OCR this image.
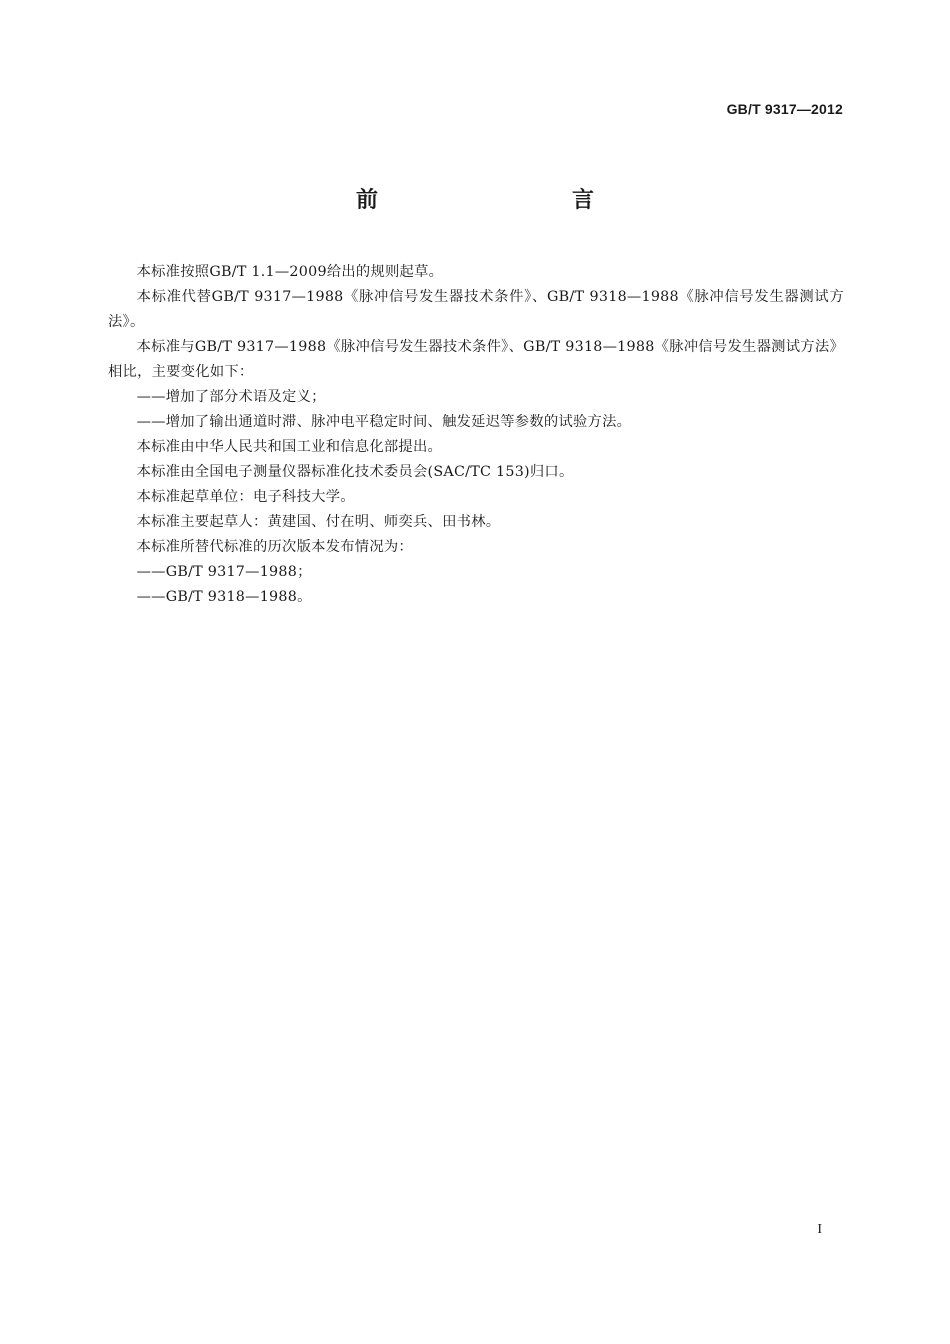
GB/T 9317—2012
前　　言

本标准按照GB/T 1.1—2009给出的规则起草。

本标准代替GB/T 9317—1988《脉冲信号发生器技术条件》、GB/T 9318—1988《脉冲信号发生器测试方法》。

本标准与GB/T 9317—1988《脉冲信号发生器技术条件》、GB/T 9318—1988《脉冲信号发生器测试方法》相比，主要变化如下：

——增加了部分术语及定义；

——增加了输出通道时滞、脉冲电平稳定时间、触发延迟等参数的试验方法。

本标准由中华人民共和国工业和信息化部提出。

本标准由全国电子测量仪器标准化技术委员会(SAC/TC 153)归口。

本标准起草单位：电子科技大学。

本标准主要起草人：黄建国、付在明、师奕兵、田书林。

本标准所替代标准的历次版本发布情况为：

——GB/T 9317—1988；

——GB/T 9318—1988。

I
